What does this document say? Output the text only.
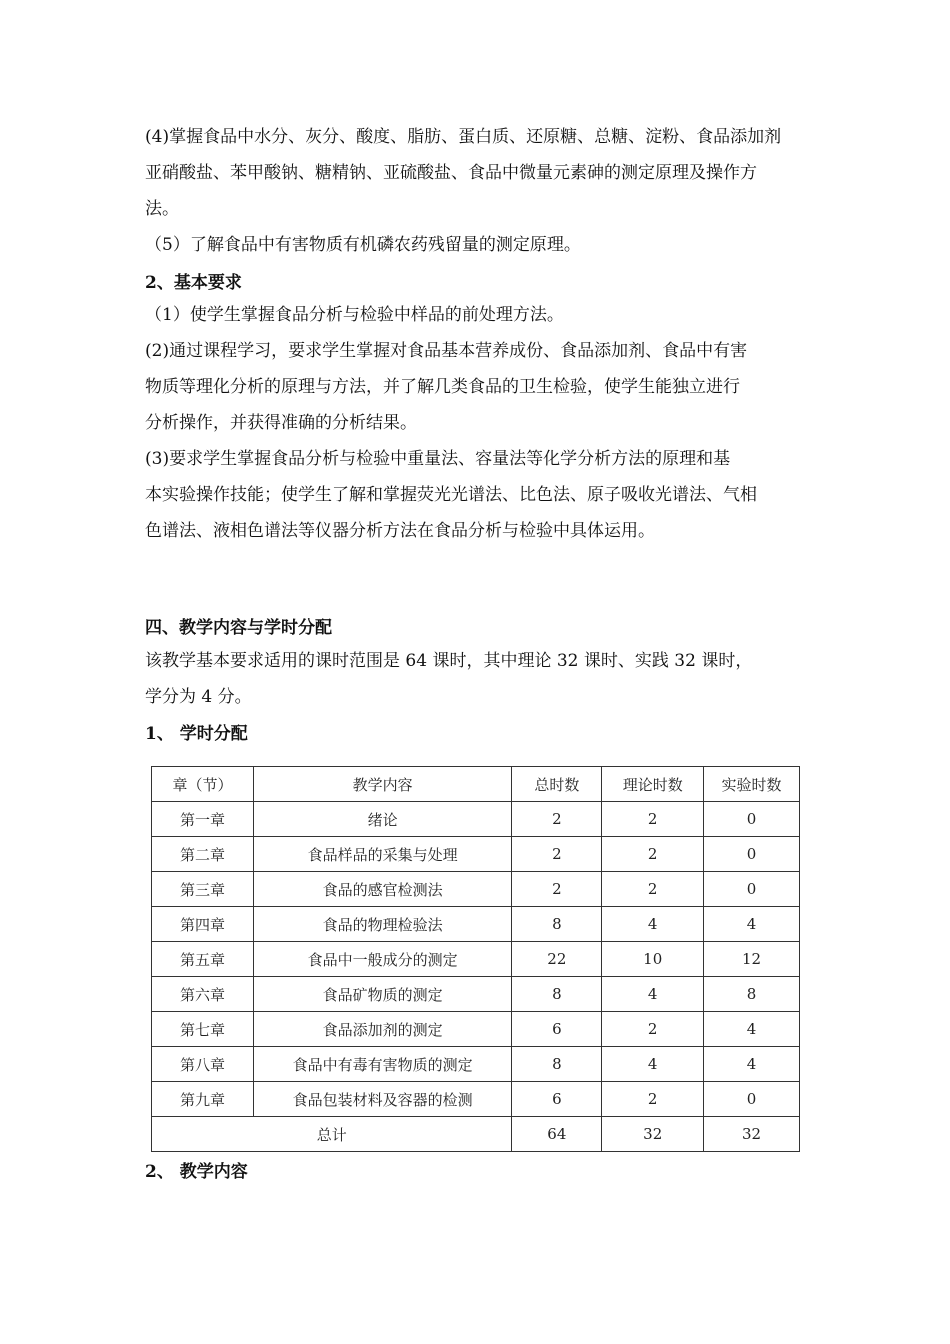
(4)掌握食品中水分、灰分、酸度、脂肪、蛋白质、还原糖、总糖、淀粉、食品添加剂
亚硝酸盐、苯甲酸钠、糖精钠、亚硫酸盐、食品中微量元素砷的测定原理及操作方
法。
（5）了解食品中有害物质有机磷农药残留量的测定原理。
2、基本要求
（1）使学生掌握食品分析与检验中样品的前处理方法。
(2)通过课程学习，要求学生掌握对食品基本营养成份、食品添加剂、食品中有害
物质等理化分析的原理与方法，并了解几类食品的卫生检验，使学生能独立进行
分析操作，并获得准确的分析结果。
(3)要求学生掌握食品分析与检验中重量法、容量法等化学分析方法的原理和基
本实验操作技能；使学生了解和掌握荧光光谱法、比色法、原子吸收光谱法、气相
色谱法、液相色谱法等仪器分析方法在食品分析与检验中具体运用。
四、教学内容与学时分配
该教学基本要求适用的课时范围是 64 课时，其中理论 32 课时、实践 32 课时，
学分为 4 分。
1、 学时分配
章（节）	教学内容	总时数	理论时数	实验时数
第一章	绪论	2	2	0
第二章	食品样品的采集与处理	2	2	0
第三章	食品的感官检测法	2	2	0
第四章	食品的物理检验法	8	4	4
第五章	食品中一般成分的测定	22	10	12
第六章	食品矿物质的测定	8	4	8
第七章	食品添加剂的测定	6	2	4
第八章	食品中有毒有害物质的测定	8	4	4
第九章	食品包装材料及容器的检测	6	2	0
总计		64	32	32
2、 教学内容
